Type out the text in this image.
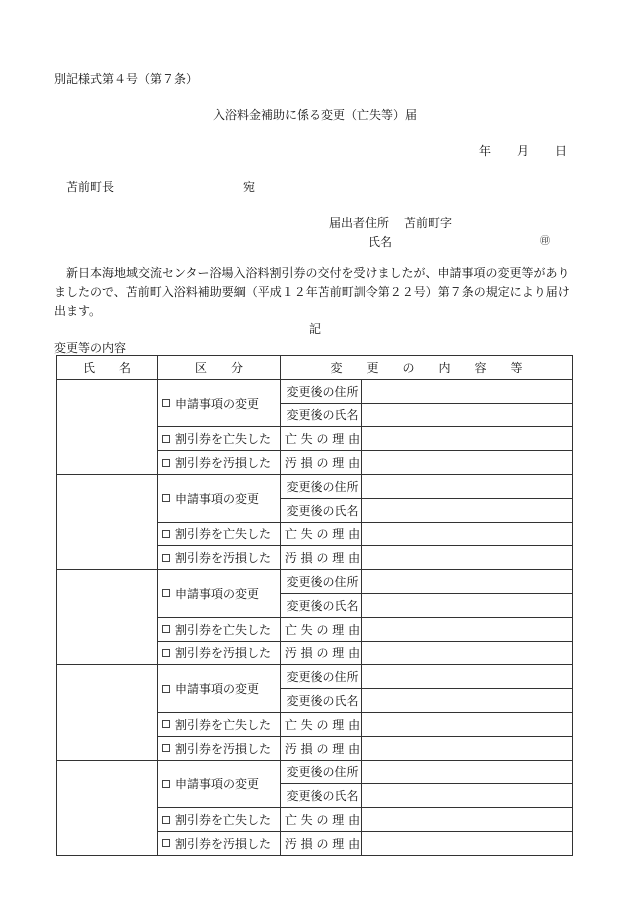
別記様式第４号（第７条）
入浴料金補助に係る変更（亡失等）届
年 月 日
苫前町長	宛
届出者住所 苫前町字
氏名	㊞
新日本海地域交流センター浴場入浴料割引券の交付を受けましたが、申請事項の変更等がありましたので、苫前町入浴料補助要綱（平成１２年苫前町訓令第２２号）第７条の規定により届け出ます。
記
変更等の内容
氏　　名	区　　分	変　　更　　の　　内　　容　　等	
	申請事項の変更	変更後の住所	
		変更後の氏名	
	割引券を亡失した	亡 失 の 理 由	
	割引券を汚損した	汚 損 の 理 由	
	申請事項の変更	変更後の住所	
		変更後の氏名	
	割引券を亡失した	亡 失 の 理 由	
	割引券を汚損した	汚 損 の 理 由	
	申請事項の変更	変更後の住所	
		変更後の氏名	
	割引券を亡失した	亡 失 の 理 由	
	割引券を汚損した	汚 損 の 理 由	
	申請事項の変更	変更後の住所	
		変更後の氏名	
	割引券を亡失した	亡 失 の 理 由	
	割引券を汚損した	汚 損 の 理 由	
	申請事項の変更	変更後の住所	
		変更後の氏名	
	割引券を亡失した	亡 失 の 理 由	
	割引券を汚損した	汚 損 の 理 由	
